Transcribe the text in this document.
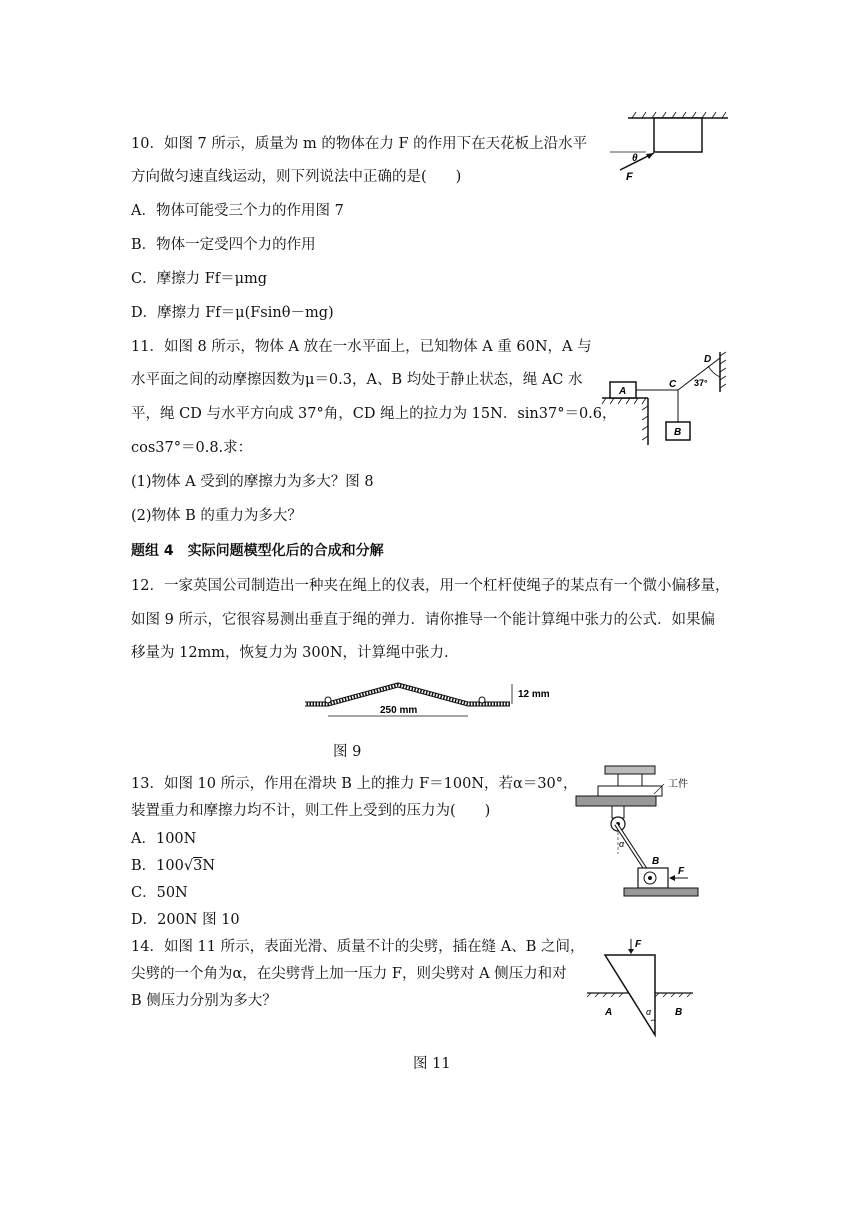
10．如图 7 所示，质量为 m 的物体在力 F 的作用下在天花板上沿水平
方向做匀速直线运动，则下列说法中正确的是(　　)
A．物体可能受三个力的作用图 7
B．物体一定受四个力的作用
C．摩擦力 Ff＝μmg
D．摩擦力 Ff＝μ(Fsinθ－mg)
θ
F
11．如图 8 所示，物体 A 放在一水平面上，已知物体 A 重 60N，A 与
水平面之间的动摩擦因数为μ＝0.3，A、B 均处于静止状态，绳 AC 水
平，绳 CD 与水平方向成 37°角，CD 绳上的拉力为 15N．sin37°＝0.6，
cos37°＝0.8.求：
(1)物体 A 受到的摩擦力为多大？图 8
(2)物体 B 的重力为多大？
A
C
D
37°
B
题组 4　实际问题模型化后的合成和分解
12．一家英国公司制造出一种夹在绳上的仪表，用一个杠杆使绳子的某点有一个微小偏移量，
如图 9 所示，它很容易测出垂直于绳的弹力．请你推导一个能计算绳中张力的公式．如果偏
移量为 12mm，恢复力为 300N，计算绳中张力.
250 mm
12 mm
图 9
13．如图 10 所示，作用在滑块 B 上的推力 F＝100N，若α＝30°，
装置重力和摩擦力均不计，则工件上受到的压力为(　　)
A．100N
B．100√3N
C．50N
D．200N 图 10
工件
α
B
F
14．如图 11 所示，表面光滑、质量不计的尖劈，插在缝 A、B 之间，
尖劈的一个角为α，在尖劈背上加一压力 F，则尖劈对 A 侧压力和对
B 侧压力分别为多大？
F
α
A	B
图 11
